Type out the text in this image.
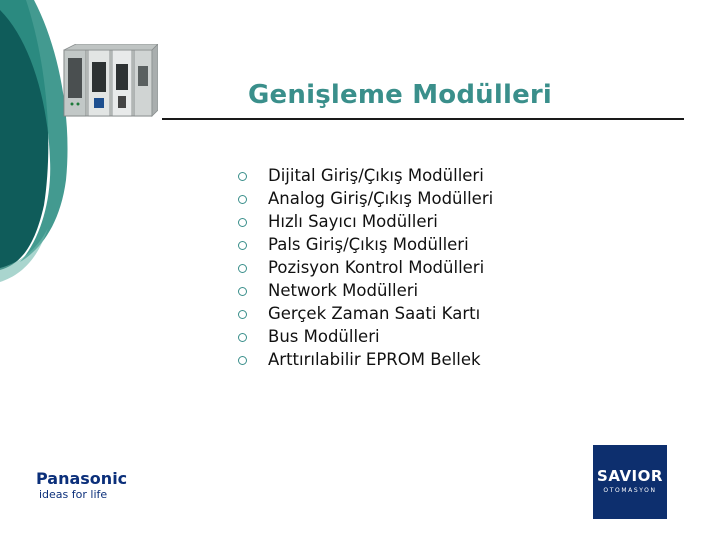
Genişleme Modülleri
Dijital Giriş/Çıkış Modülleri
Analog Giriş/Çıkış Modülleri
Hızlı Sayıcı Modülleri
Pals Giriş/Çıkış Modülleri
Pozisyon Kontrol Modülleri
Network Modülleri
Gerçek Zaman Saati Kartı
Bus Modülleri
Arttırılabilir EPROM Bellek
Panasonic
ideas for life
SAVIOR
OTOMASYON
